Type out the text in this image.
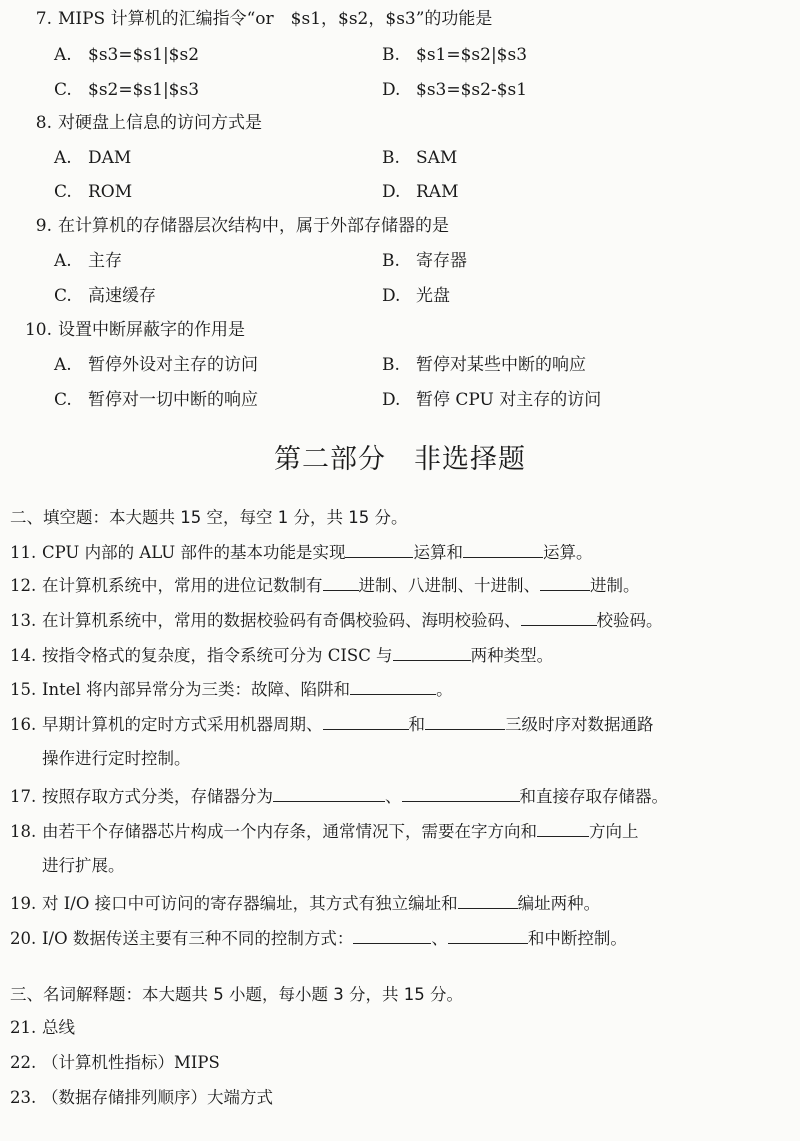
7. MIPS 计算机的汇编指令“or　$s1，$s2，$s3”的功能是
A. $s3=$s1|$s2	B. $s1=$s2|$s3
C. $s2=$s1|$s3	D. $s3=$s2-$s1
8. 对硬盘上信息的访问方式是
A. DAM	B. SAM
C. ROM	D. RAM
9. 在计算机的存储器层次结构中，属于外部存储器的是
A. 主存	B. 寄存器
C. 高速缓存	D. 光盘
10. 设置中断屏蔽字的作用是
A. 暂停外设对主存的访问	B. 暂停对某些中断的响应
C. 暂停对一切中断的响应	D. 暂停 CPU 对主存的访问
第二部分　非选择题
二、填空题：本大题共 15 空，每空 1 分，共 15 分。
11. CPU 内部的 ALU 部件的基本功能是实现	运算和	运算。
12. 在计算机系统中，常用的进位记数制有 进制、八进制、十进制、	进制。
13. 在计算机系统中，常用的数据校验码有奇偶校验码、海明校验码、	校验码。
14. 按指令格式的复杂度，指令系统可分为 CISC 与	两种类型。
15. Intel 将内部异常分为三类：故障、陷阱和	。
16. 早期计算机的定时方式采用机器周期、	和	三级时序对数据通路
操作进行定时控制。
17. 按照存取方式分类，存储器分为	、	和直接存取存储器。
18. 由若干个存储器芯片构成一个内存条，通常情况下，需要在字方向和	方向上
进行扩展。
19. 对 I/O 接口中可访问的寄存器编址，其方式有独立编址和	编址两种。
20. I/O 数据传送主要有三种不同的控制方式：	、	和中断控制。
三、名词解释题：本大题共 5 小题，每小题 3 分，共 15 分。
21. 总线
22. （计算机性指标）MIPS
23. （数据存储排列顺序）大端方式
